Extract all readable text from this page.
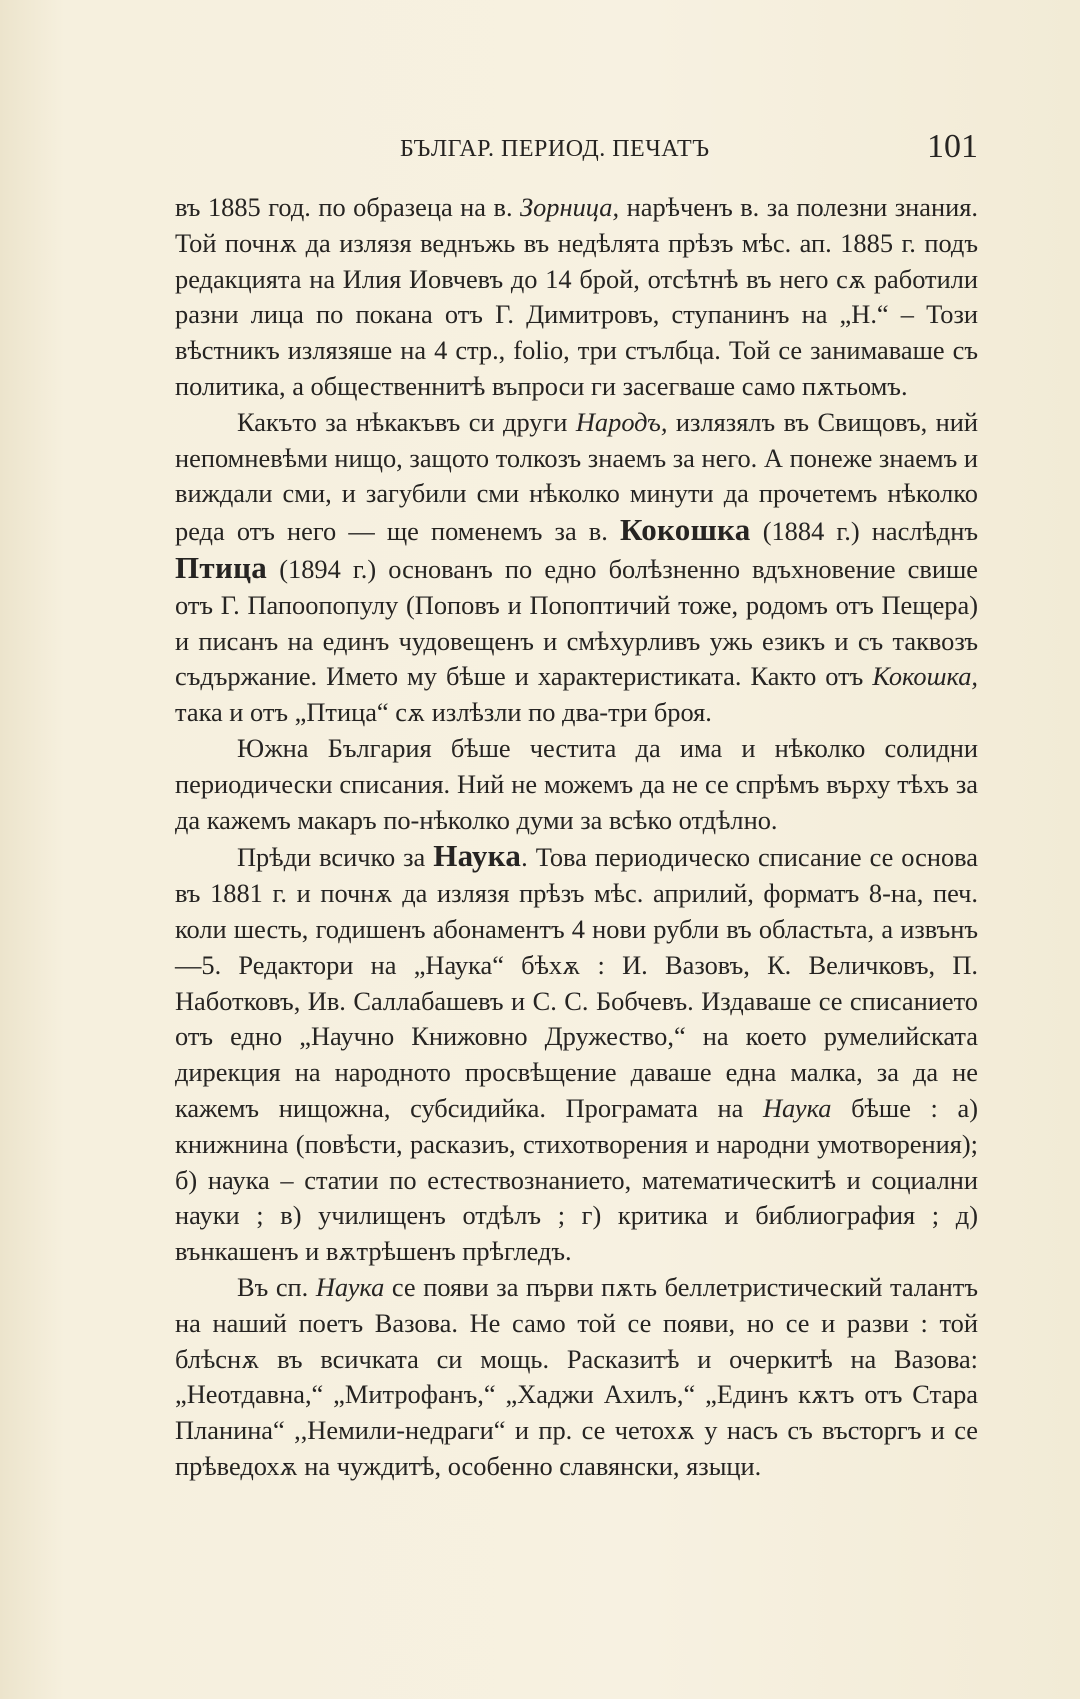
БЪЛГАР. ПЕРИОД. ПЕЧАТЪ	101

въ 1885 год. по образеца на в. Зорница, нарѣченъ в. за полезни знания. Той почнѫ да излязя веднъжь въ недѣлята прѣзъ мѣс. ап. 1885 г. подъ редакцията на Илия Иовчевъ до 14 брой, отсѣтнѣ въ него сѫ работили разни лица по покана отъ Г. Димитровъ, ступанинъ на „Н.“ – Този вѣстникъ излязяше на 4 стр., folio, три стълбца. Той се занимаваше съ политика, а общественнитѣ въпроси ги засегваше само пѫтьомъ.

Какъто за нѣкакъвъ си други Народъ, излязялъ въ Свищовъ, ний непомневѣми нищо, защото толкозъ знаемъ за него. А понеже знаемъ и виждали сми, и загубили сми нѣколко минути да прочетемъ нѣколко реда отъ него — ще поменемъ за в. Кокошка (1884 г.) наслѣднъ Птица (1894 г.) основанъ по едно болѣзненно вдъхновение свише отъ Г. Папоопопулу (Поповъ и Попоптичий тоже, родомъ отъ Пещера) и писанъ на единъ чудовещенъ и смѣхурливъ ужь езикъ и съ таквозъ съдържание. Името му бѣше и характеристиката. Както отъ Кокошка, така и отъ „Птица“ сѫ излѣзли по два-три броя.

Южна България бѣше честита да има и нѣколко солидни периодически списания. Ний не можемъ да не се спрѣмъ върху тѣхъ за да кажемъ макаръ по-нѣколко думи за всѣко отдѣлно.

Прѣди всичко за Наука. Това периодическо списание се основа въ 1881 г. и почнѫ да излязя прѣзъ мѣс. априлий, форматъ 8-на, печ. коли шесть, годишенъ абонаментъ 4 нови рубли въ областьта, а извънъ—5. Редактори на „Наука“ бѣхѫ : И. Вазовъ, К. Величковъ, П. Наботковъ, Ив. Саллабашевъ и С. С. Бобчевъ. Издаваше се списанието отъ едно „Научно Книжовно Дружество,“ на което румелийската дирекция на народното просвѣщение даваше една малка, за да не кажемъ нищожна, субсидийка. Програмата на Наука бѣше : а) книжнина (повѣсти, расказиъ, стихотворения и народни умотворения); б) наука – статии по естествознанието, математическитѣ и социални науки ; в) училищенъ отдѣлъ ; г) критика и библиография ; д) вънкашенъ и вѫтрѣшенъ прѣгледъ.

Въ сп. Наука се появи за първи пѫть беллетристический талантъ на наший поетъ Вазова. Не само той се появи, но се и разви : той блѣснѫ въ всичката си мощь. Расказитѣ и очеркитѣ на Вазова: „Неотдавна,“ „Митрофанъ,“ „Хаджи Ахилъ,“ „Единъ кѫтъ отъ Стара Планина“ ,,Немили-недраги“ и пр. се четохѫ у насъ съ въсторгъ и се прѣведохѫ на чуждитѣ, особенно славянски, языци.
